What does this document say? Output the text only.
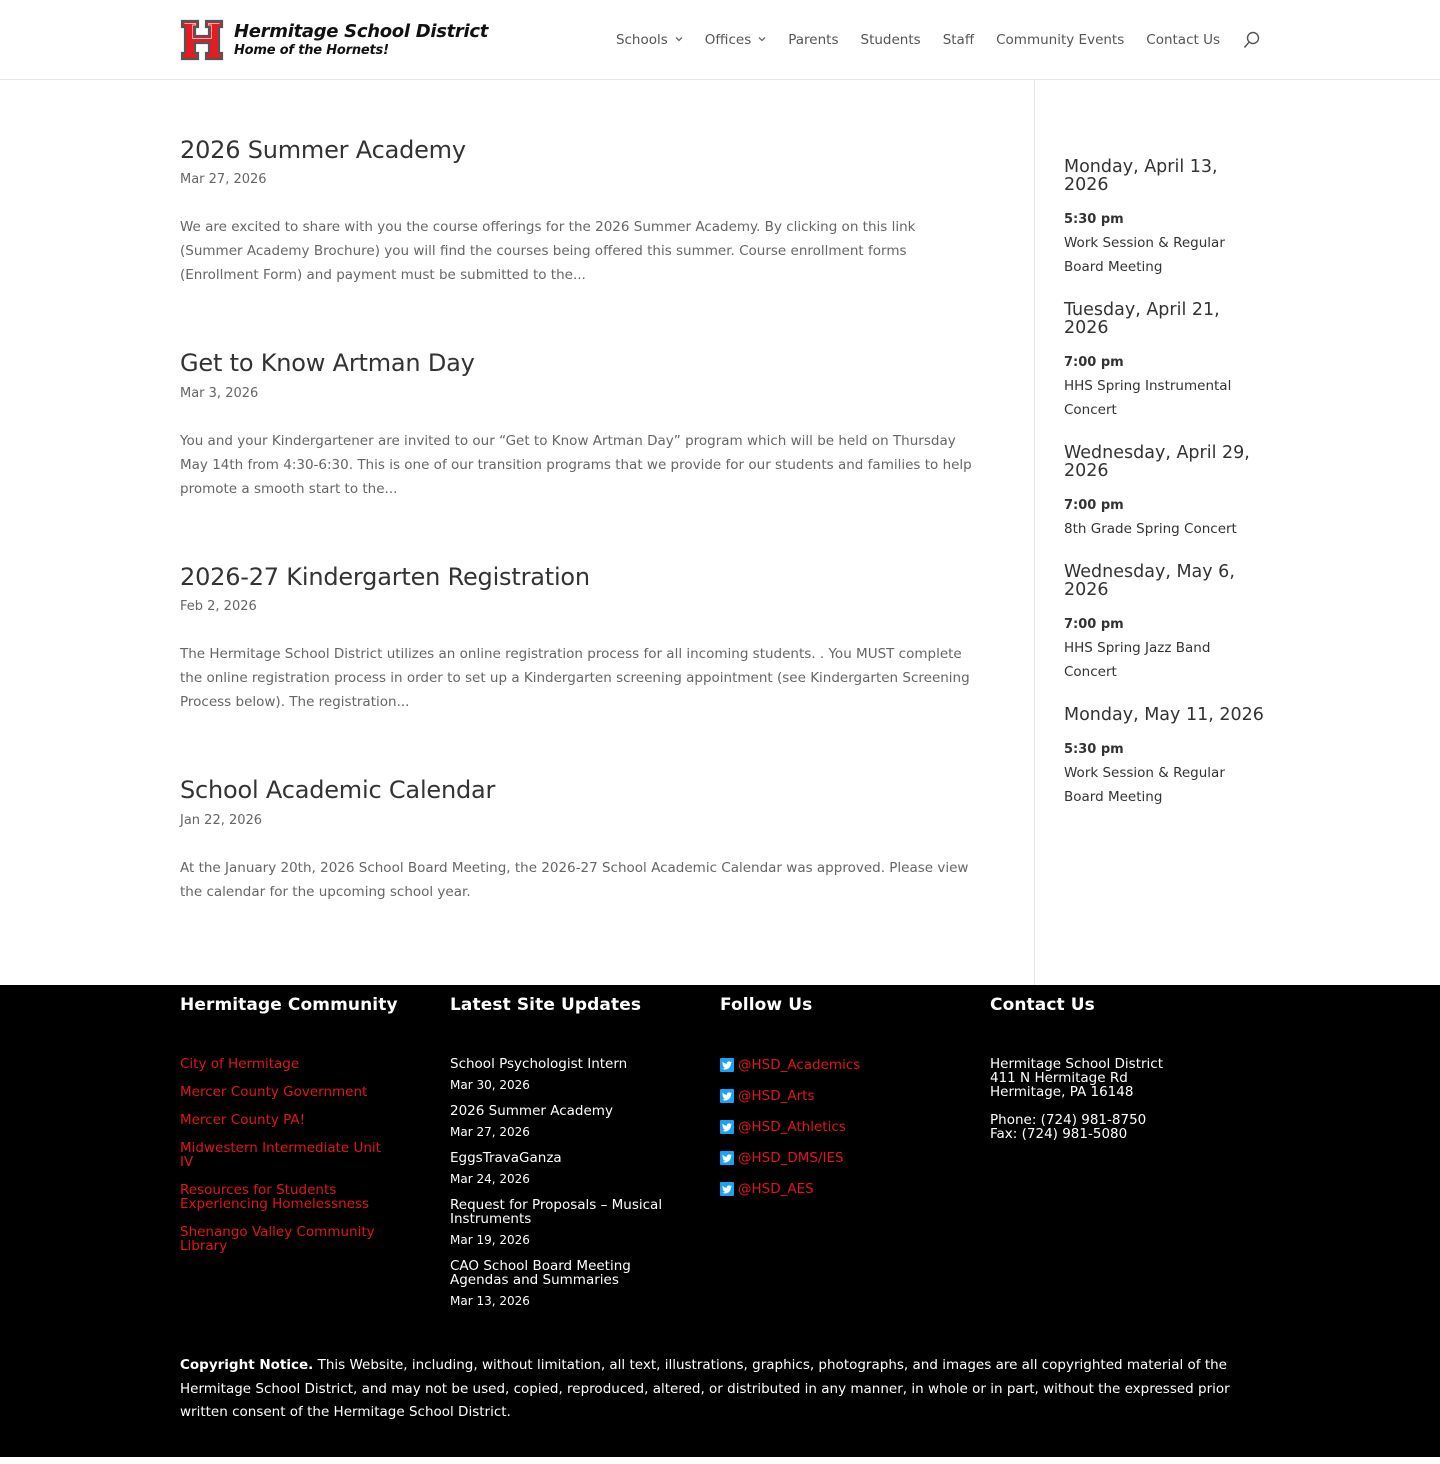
Hermitage School District
Home of the Hornets!
Schools	Offices	Parents Students Staff Community Events Contact Us
2026 Summer Academy
Mar 27, 2026

We are excited to share with you the course offerings for the 2026 Summer Academy. By clicking on this link (Summer Academy Brochure) you will find the courses being offered this summer. Course enrollment forms (Enrollment Form) and payment must be submitted to the...

Get to Know Artman Day
Mar 3, 2026

You and your Kindergartener are invited to our “Get to Know Artman Day” program which will be held on Thursday May 14th from 4:30-6:30. This is one of our transition programs that we provide for our students and families to help promote a smooth start to the...

2026-27 Kindergarten Registration
Feb 2, 2026

The Hermitage School District utilizes an online registration process for all incoming students. . You MUST complete the online registration process in order to set up a Kindergarten screening appointment (see Kindergarten Screening Process below). The registration...

School Academic Calendar
Jan 22, 2026

At the January 20th, 2026 School Board Meeting, the 2026-27 School Academic Calendar was approved. Please view the calendar for the upcoming school year.

Monday, April 13, 2026
5:30 pm
Work Session & Regular Board Meeting
Tuesday, April 21, 2026
7:00 pm
HHS Spring Instrumental Concert
Wednesday, April 29, 2026
7:00 pm
8th Grade Spring Concert
Wednesday, May 6, 2026
7:00 pm
HHS Spring Jazz Band Concert
Monday, May 11, 2026
5:30 pm
Work Session & Regular Board Meeting
Hermitage Community
City of Hermitage
Mercer County Government
Mercer County PA!
Midwestern Intermediate Unit IV
Resources for Students Experiencing Homelessness
Shenango Valley Community Library
Latest Site Updates
School Psychologist Intern
Mar 30, 2026
2026 Summer Academy
Mar 27, 2026
EggsTravaGanza
Mar 24, 2026
Request for Proposals – Musical Instruments
Mar 19, 2026
CAO School Board Meeting Agendas and Summaries
Mar 13, 2026
Follow Us
@HSD_Academics
@HSD_Arts
@HSD_Athletics
@HSD_DMS/IES
@HSD_AES
Contact Us
Hermitage School District
411 N Hermitage Rd
Hermitage, PA 16148
Phone: (724) 981-8750
Fax: (724) 981-5080

Copyright Notice. This Website, including, without limitation, all text, illustrations, graphics, photographs, and images are all copyrighted material of the Hermitage School District, and may not be used, copied, reproduced, altered, or distributed in any manner, in whole or in part, without the expressed prior written consent of the Hermitage School District.
